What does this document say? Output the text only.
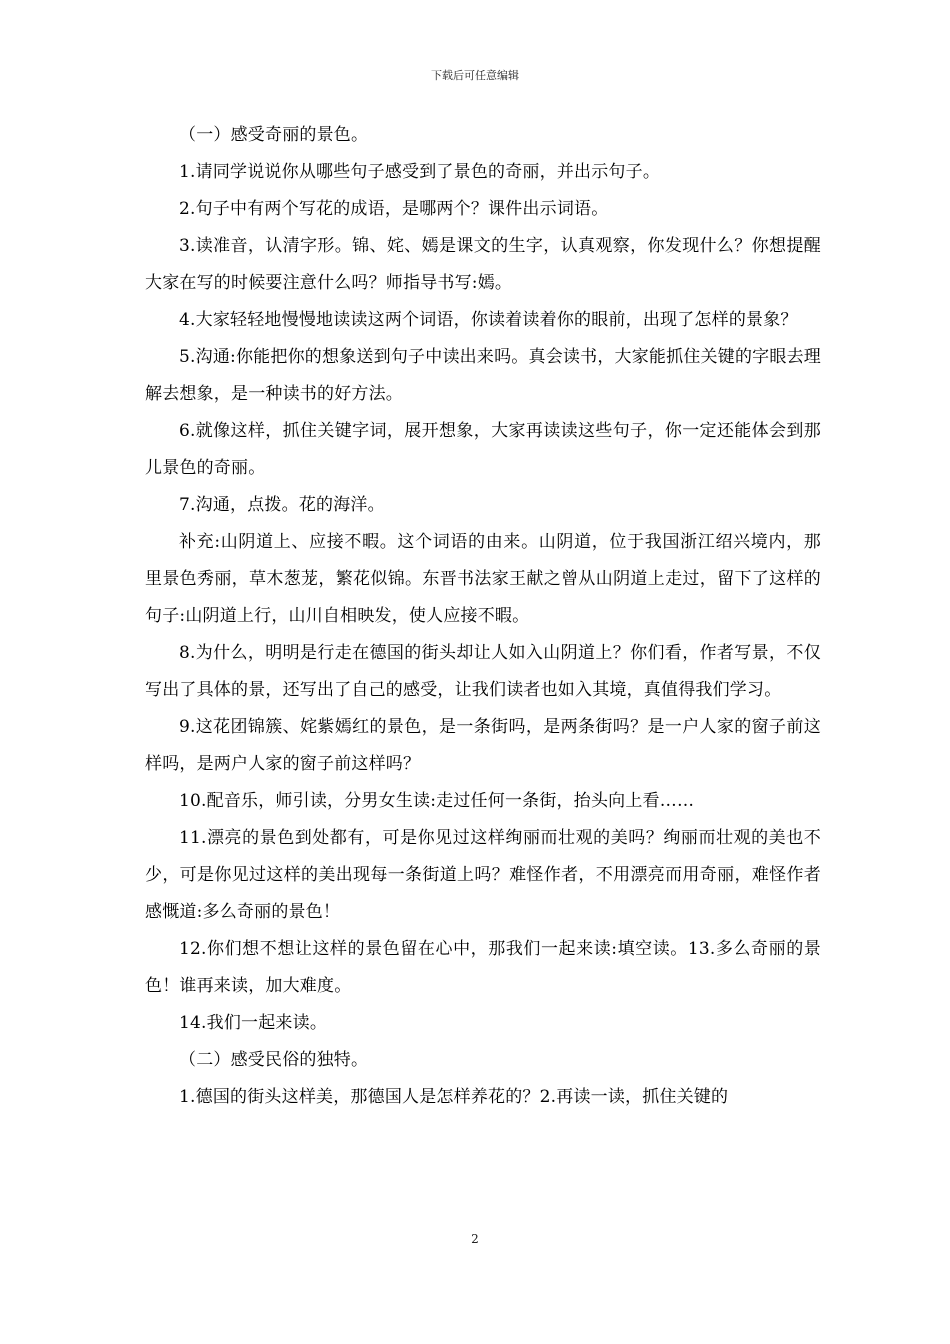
下载后可任意编辑

（一）感受奇丽的景色。

1.请同学说说你从哪些句子感受到了景色的奇丽，并出示句子。

2.句子中有两个写花的成语，是哪两个？课件出示词语。

3.读准音，认清字形。锦、姹、嫣是课文的生字，认真观察，你发现什么？你想提醒大家在写的时候要注意什么吗？师指导书写:嫣。

4.大家轻轻地慢慢地读读这两个词语，你读着读着你的眼前，出现了怎样的景象？

5.沟通:你能把你的想象送到句子中读出来吗。真会读书，大家能抓住关键的字眼去理解去想象，是一种读书的好方法。

6.就像这样，抓住关键字词，展开想象，大家再读读这些句子，你一定还能体会到那儿景色的奇丽。

7.沟通，点拨。花的海洋。

补充:山阴道上、应接不暇。这个词语的由来。山阴道，位于我国浙江绍兴境内，那里景色秀丽，草木葱茏，繁花似锦。东晋书法家王献之曾从山阴道上走过，留下了这样的句子:山阴道上行，山川自相映发，使人应接不暇。

8.为什么，明明是行走在德国的街头却让人如入山阴道上？你们看，作者写景，不仅写出了具体的景，还写出了自己的感受，让我们读者也如入其境，真值得我们学习。

9.这花团锦簇、姹紫嫣红的景色，是一条街吗，是两条街吗？是一户人家的窗子前这样吗，是两户人家的窗子前这样吗？

10.配音乐，师引读，分男女生读:走过任何一条街，抬头向上看……

11.漂亮的景色到处都有，可是你见过这样绚丽而壮观的美吗？绚丽而壮观的美也不少，可是你见过这样的美出现每一条街道上吗？难怪作者，不用漂亮而用奇丽，难怪作者感慨道:多么奇丽的景色！

12.你们想不想让这样的景色留在心中，那我们一起来读:填空读。13.多么奇丽的景色！谁再来读，加大难度。

14.我们一起来读。

（二）感受民俗的独特。

1.德国的街头这样美，那德国人是怎样养花的？2.再读一读，抓住关键的

2
